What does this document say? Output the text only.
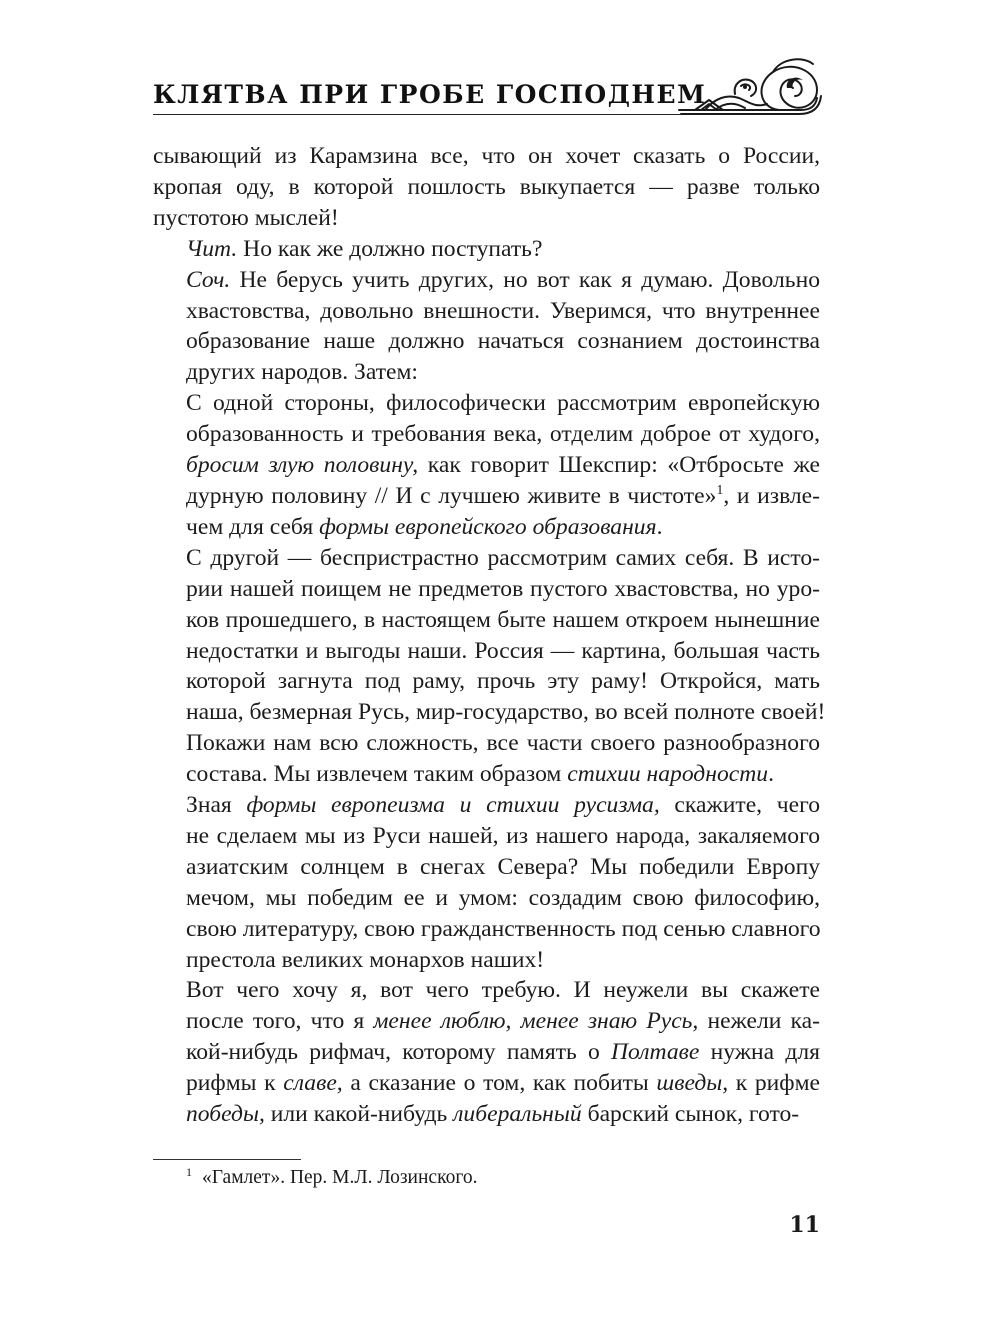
КЛЯТВА ПРИ ГРОБЕ ГОСПОДНЕМ

сывающий из Карамзина все, что он хочет сказать о России,
кропая оду, в которой пошлость выкупается — разве только
пустотою мыслей!

Чит. Но как же должно поступать?

Соч. Не берусь учить других, но вот как я думаю. Довольно
хвастовства, довольно внешности. Уверимся, что внутреннее
образование наше должно начаться сознанием достоинства
других народов. Затем:

С одной стороны, философически рассмотрим европейскую
образованность и требования века, отделим доброе от худого,
бросим злую половину, как говорит Шекспир: «Отбросьте же
дурную половину // И с лучшею живите в чистоте»$^1$, и извле-
чем для себя формы европейского образования.

С другой — беспристрастно рассмотрим самих себя. В исто-
рии нашей поищем не предметов пустого хвастовства, но уро-
ков прошедшего, в настоящем быте нашем откроем нынешние
недостатки и выгоды наши. Россия — картина, большая часть
которой загнута под раму, прочь эту раму! Откройся, мать
наша, безмерная Русь, мир-государство, во всей полноте своей!
Покажи нам всю сложность, все части своего разнообразного
состава. Мы извлечем таким образом стихии народности.

Зная формы европеизма и стихии русизма, скажите, чего
не сделаем мы из Руси нашей, из нашего народа, закаляемого
азиатским солнцем в снегах Севера? Мы победили Европу
мечом, мы победим ее и умом: создадим свою философию,
свою литературу, свою гражданственность под сенью славного
престола великих монархов наших!

Вот чего хочу я, вот чего требую. И неужели вы скажете
после того, что я менее люблю, менее знаю Русь, нежели ка-
кой-нибудь рифмач, которому память о Полтаве нужна для
рифмы к славе, а сказание о том, как побиты шведы, к рифме
победы, или какой-нибудь либеральный барский сынок, гото-

$^1$ «Гамлет». Пер. М.Л. Лозинского.
11
